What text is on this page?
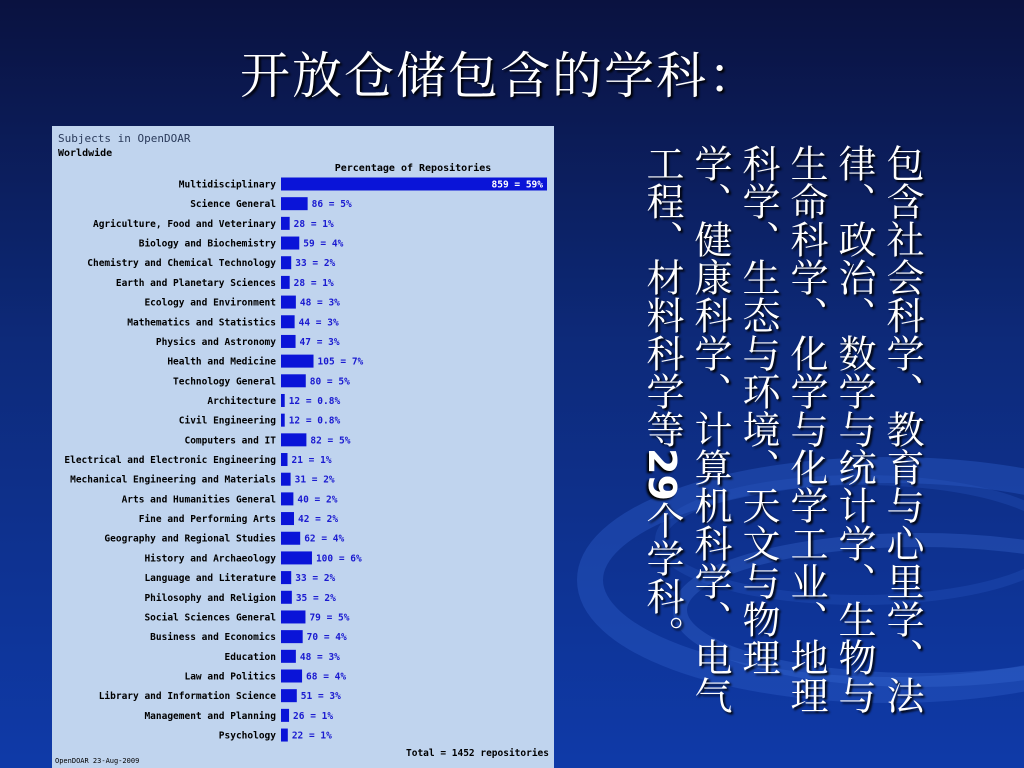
开放仓储包含的学科：
Subjects in OpenDOAR
Worldwide
Percentage of Repositories
Multidisciplinary	859 = 59%
Science General	86 = 5%
Agriculture, Food and Veterinary 28 = 1%
Biology and Biochemistry	59 = 4%
Chemistry and Chemical Technology 33 = 2%
Earth and Planetary Sciences 28 = 1%
Ecology and Environment	48 = 3%
Mathematics and Statistics 44 = 3%
Physics and Astronomy 47 = 3%
Health and Medicine	105 = 7%
Technology General	80 = 5%
Architecture 12 = 0.8%
Civil Engineering 12 = 0.8%
Computers and IT	82 = 5%
Electrical and Electronic Engineering 21 = 1%
Mechanical Engineering and Materials 31 = 2%
Arts and Humanities General 40 = 2%
Fine and Performing Arts 42 = 2%
Geography and Regional Studies	62 = 4%
History and Archaeology	100 = 6%
Language and Literature 33 = 2%
Philosophy and Religion 35 = 2%
Social Sciences General	79 = 5%
Business and Economics	70 = 4%
Education	48 = 3%
Law and Politics	68 = 4%
Library and Information Science	51 = 3%
Management and Planning 26 = 1%
Psychology 22 = 1%
Total = 1452 repositories
OpenDOAR 23-Aug-2009
包含社会科学、教育与心里学、法律、政治、数学与统计学、生物与生命科学、化学与化学工业、地理科学、生态与环境、天文与物理学、健康科学、计算机科学、电气工程、材料科学等29个学科。
